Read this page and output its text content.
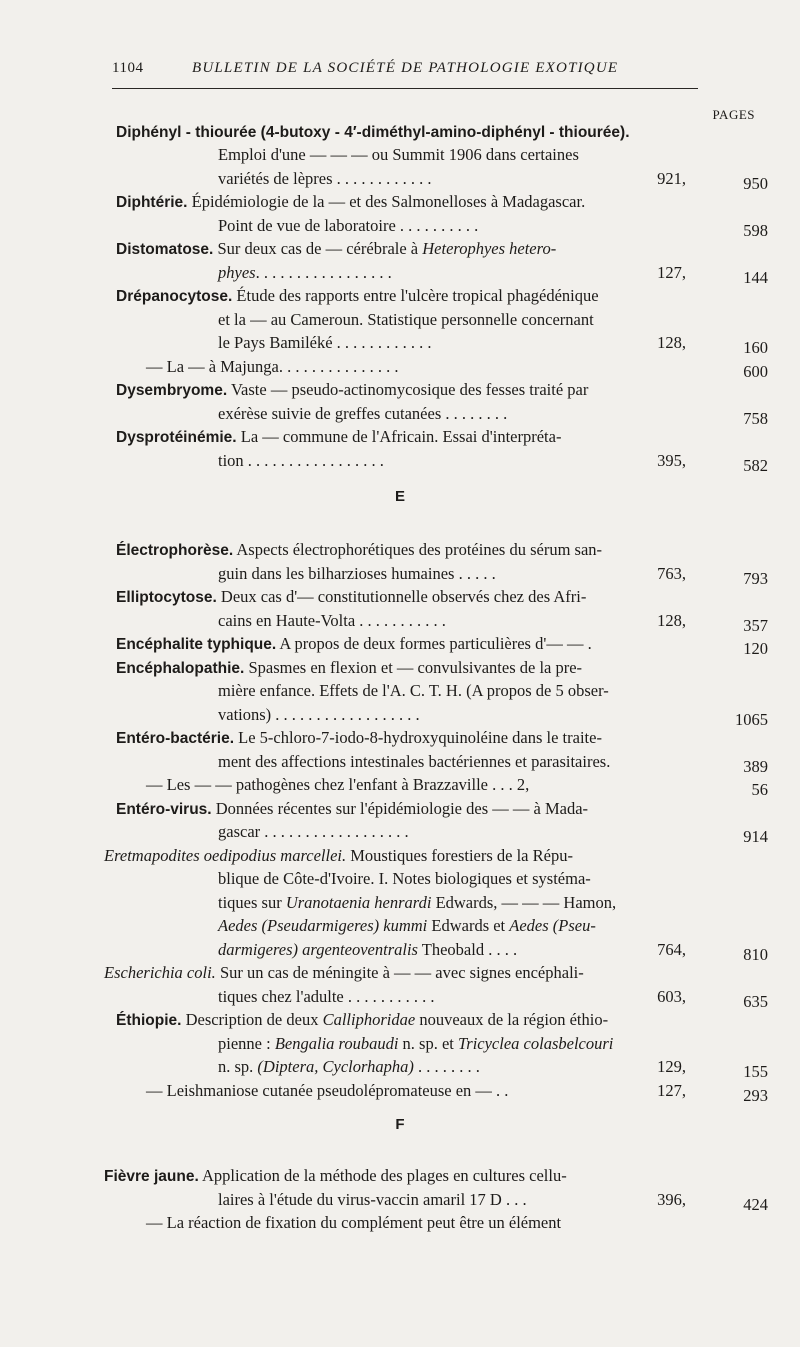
1104	BULLETIN DE LA SOCIÉTÉ DE PATHOLOGIE EXOTIQUE
PAGES
E
F
Diphényl - thiourée (4-butoxy - 4′-diméthyl-amino-diphényl - thiourée).
Emploi d'une — — — ou Summit 1906 dans certaines
variétés de lèpres . . . . . . . . . . . .	921,	950
Diphtérie. Épidémiologie de la — et des Salmonelloses à Madagascar.
Point de vue de laboratoire . . . . . . . . . .	598
Distomatose. Sur deux cas de — cérébrale à Heterophyes hetero-
phyes. . . . . . . . . . . . . . . . .	127,	144
Drépanocytose. Étude des rapports entre l'ulcère tropical phagédénique
et la — au Cameroun. Statistique personnelle concernant
le Pays Bamiléké . . . . . . . . . . . .	128,	160
— La — à Majunga. . . . . . . . . . . . . . .	600
Dysembryome. Vaste — pseudo-actinomycosique des fesses traité par
exérèse suivie de greffes cutanées . . . . . . . .	758
Dysprotéinémie. La — commune de l'Africain. Essai d'interpréta-
tion . . . . . . . . . . . . . . . . .	395,	582
Électrophorèse. Aspects électrophorétiques des protéines du sérum san-
guin dans les bilharzioses humaines . . . . .	763,	793
Elliptocytose. Deux cas d'— constitutionnelle observés chez des Afri-
cains en Haute-Volta . . . . . . . . . . .	128,	357
Encéphalite typhique. A propos de deux formes particulières d'— — .	120
Encéphalopathie. Spasmes en flexion et — convulsivantes de la pre-
mière enfance. Effets de l'A. C. T. H. (A propos de 5 obser-
vations) . . . . . . . . . . . . . . . . . .	1065
Entéro-bactérie. Le 5-chloro-7-iodo-8-hydroxyquinoléine dans le traite-
ment des affections intestinales bactériennes et parasitaires.	389
— Les — — pathogènes chez l'enfant à Brazzaville . . . 2,	56
Entéro-virus. Données récentes sur l'épidémiologie des — — à Mada-
gascar . . . . . . . . . . . . . . . . . .	914
Eretmapodites oedipodius marcellei. Moustiques forestiers de la Répu-
blique de Côte-d'Ivoire. I. Notes biologiques et systéma-
tiques sur Uranotaenia henrardi Edwards, — — — Hamon,
Aedes (Pseudarmigeres) kummi Edwards et Aedes (Pseu-
darmigeres) argenteoventralis Theobald . . . .	764,	810
Escherichia coli. Sur un cas de méningite à — — avec signes encéphali-
tiques chez l'adulte . . . . . . . . . . .	603,	635
Éthiopie. Description de deux Calliphoridae nouveaux de la région éthio-
pienne : Bengalia roubaudi n. sp. et Tricyclea colasbelcouri
n. sp. (Diptera, Cyclorhapha) . . . . . . . .	129,	155
— Leishmaniose cutanée pseudolépromateuse en — . .	127,	293
Fièvre jaune. Application de la méthode des plages en cultures cellu-
laires à l'étude du virus-vaccin amaril 17 D . . .	396,	424
— La réaction de fixation du complément peut être un élément
